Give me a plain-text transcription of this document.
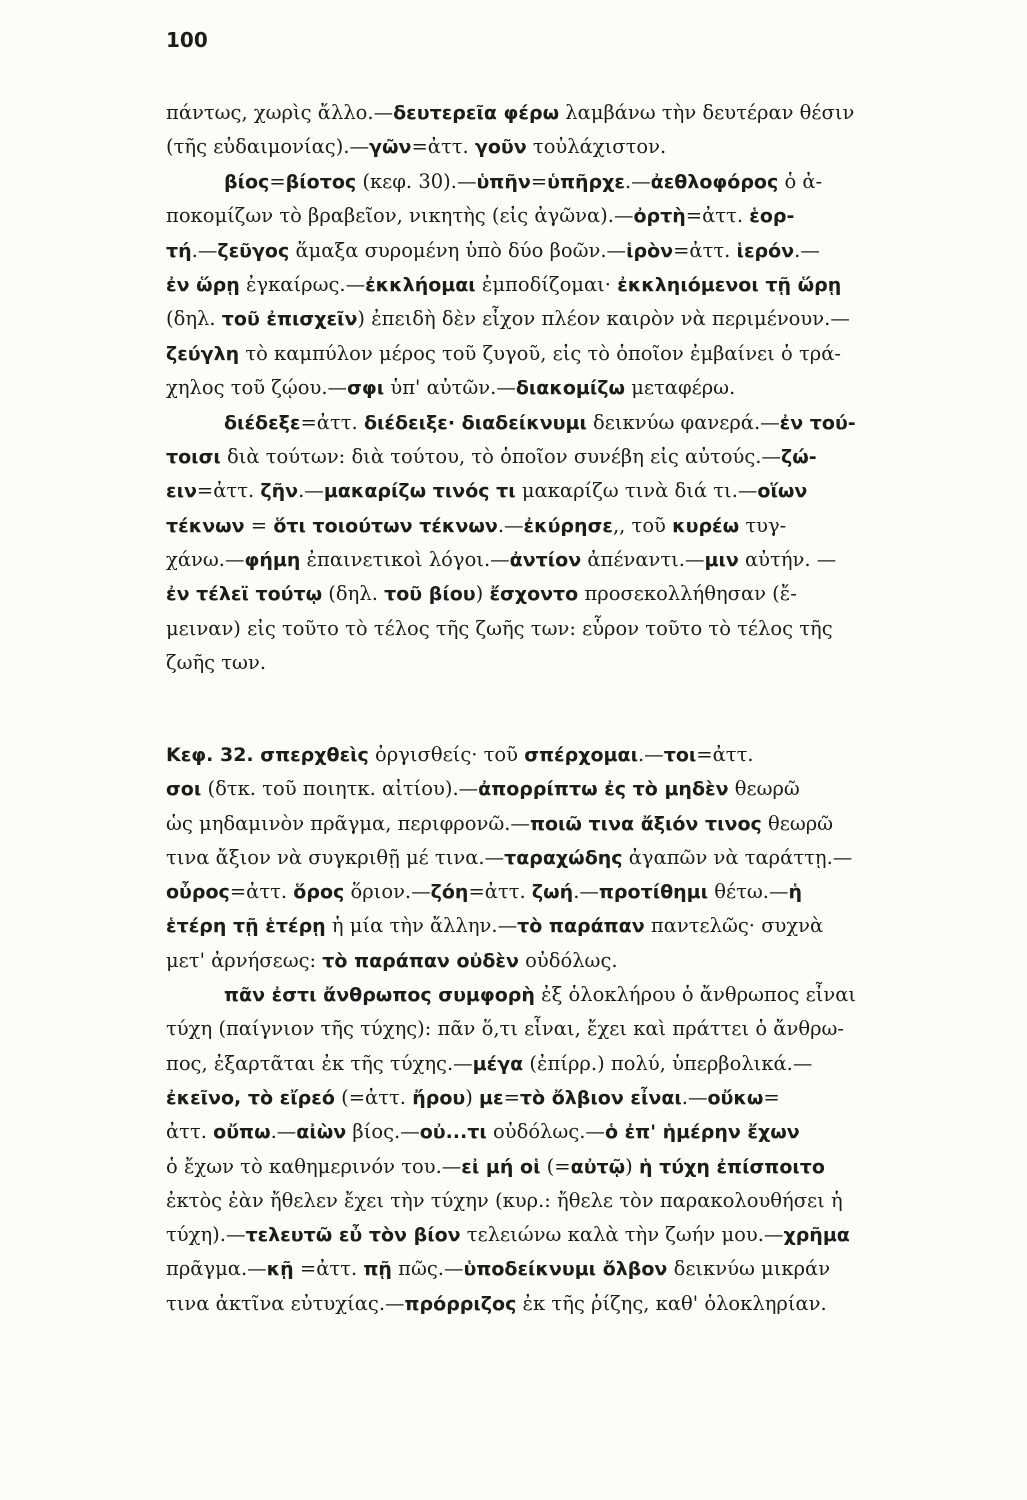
100
πάντως, χωρὶς ἄλλο.—δευτερεῖα φέρω λαμβάνω τὴν δευτέραν θέσιν
(τῆς εὐδαιμονίας).—γῶν=ἀττ. γοῦν τοὐλάχιστον.
βίος=βίοτος (κεφ. 30).—ὑπῆν=ὑπῆρχε.—ἀεθλοφόρος ὁ ἀ-
ποκομίζων τὸ βραβεῖον, νικητὴς (εἰς ἀγῶνα).—ὀρτὴ=ἀττ. ἑορ-
τή.—ζεῦγος ἅμαξα συρομένη ὑπὸ δύο βοῶν.—ἱρὸν=ἀττ. ἱερόν.—
ἐν ὥρῃ ἐγκαίρως.—ἐκκλήομαι ἐμποδίζομαι· ἐκκληιόμενοι τῇ ὥρῃ
(δηλ. τοῦ ἐπισχεῖν) ἐπειδὴ δὲν εἶχον πλέον καιρὸν νὰ περιμένουν.—
ζεύγλη τὸ καμπύλον μέρος τοῦ ζυγοῦ, εἰς τὸ ὁποῖον ἐμβαίνει ὁ τρά-
χηλος τοῦ ζῴου.—σφι ὑπ' αὐτῶν.—διακομίζω μεταφέρω.
διέδεξε=ἀττ. διέδειξε· διαδείκνυμι δεικνύω φανερά.—ἐν τού-
τοισι διὰ τούτων: διὰ τούτου, τὸ ὁποῖον συνέβη εἰς αὐτούς.—ζώ-
ειν=ἀττ. ζῆν.—μακαρίζω τινός τι μακαρίζω τινὰ διά τι.—οἵων
τέκνων = ὅτι τοιούτων τέκνων.—ἐκύρησε,, τοῦ κυρέω τυγ-
χάνω.—φήμη ἐπαινετικοὶ λόγοι.—ἀντίον ἀπέναντι.—μιν αὐτήν. —
ἐν τέλεϊ τούτῳ (δηλ. τοῦ βίου) ἔσχοντο προσεκολλήθησαν (ἔ-
μειναν) εἰς τοῦτο τὸ τέλος τῆς ζωῆς των: εὗρον τοῦτο τὸ τέλος τῆς
ζωῆς των.
Κεφ. 32. σπερχθεὶς ὀργισθείς· τοῦ σπέρχομαι.—τοι=ἀττ.
σοι (δτκ. τοῦ ποιητκ. αἰτίου).—ἀπορρίπτω ἐς τὸ μηδὲν θεωρῶ
ὡς μηδαμινὸν πρᾶγμα, περιφρονῶ.—ποιῶ τινα ἄξιόν τινος θεωρῶ
τινα ἄξιον νὰ συγκριθῇ μέ τινα.—ταραχώδης ἀγαπῶν νὰ ταράττῃ.—
οὖρος=ἀττ. ὅρος ὅριον.—ζόη=ἀττ. ζωή.—προτίθημι θέτω.—ἡ
ἑτέρη τῇ ἑτέρῃ ἡ μία τὴν ἄλλην.—τὸ παράπαν παντελῶς· συχνὰ
μετ' ἀρνήσεως: τὸ παράπαν οὐδὲν οὐδόλως.
πᾶν ἐστι ἄνθρωπος συμφορὴ ἐξ ὁλοκλήρου ὁ ἄνθρωπος εἶναι
τύχη (παίγνιον τῆς τύχης): πᾶν ὅ,τι εἶναι, ἔχει καὶ πράττει ὁ ἄνθρω-
πος, ἐξαρτᾶται ἐκ τῆς τύχης.—μέγα (ἐπίρρ.) πολύ, ὑπερβολικά.—
ἐκεῖνο, τὸ εἴρεό (=ἀττ. ἤρου) με=τὸ ὄλβιον εἶναι.—οὔκω=
ἀττ. οὔπω.—αἰὼν βίος.—οὐ...τι οὐδόλως.—ὁ ἐπ' ἡμέρην ἔχων
ὁ ἔχων τὸ καθημερινόν του.—εἰ μή οἱ (=αὐτῷ) ἡ τύχη ἐπίσποιτο
ἐκτὸς ἐὰν ἤθελεν ἔχει τὴν τύχην (κυρ.: ἤθελε τὸν παρακολουθήσει ἡ
τύχη).—τελευτῶ εὖ τὸν βίον τελειώνω καλὰ τὴν ζωήν μου.—χρῆμα
πρᾶγμα.—κῇ =ἀττ. πῇ πῶς.—ὑποδείκνυμι ὄλβον δεικνύω μικράν
τινα ἀκτῖνα εὐτυχίας.—πρόρριζος ἐκ τῆς ῥίζης, καθ' ὁλοκληρίαν.
